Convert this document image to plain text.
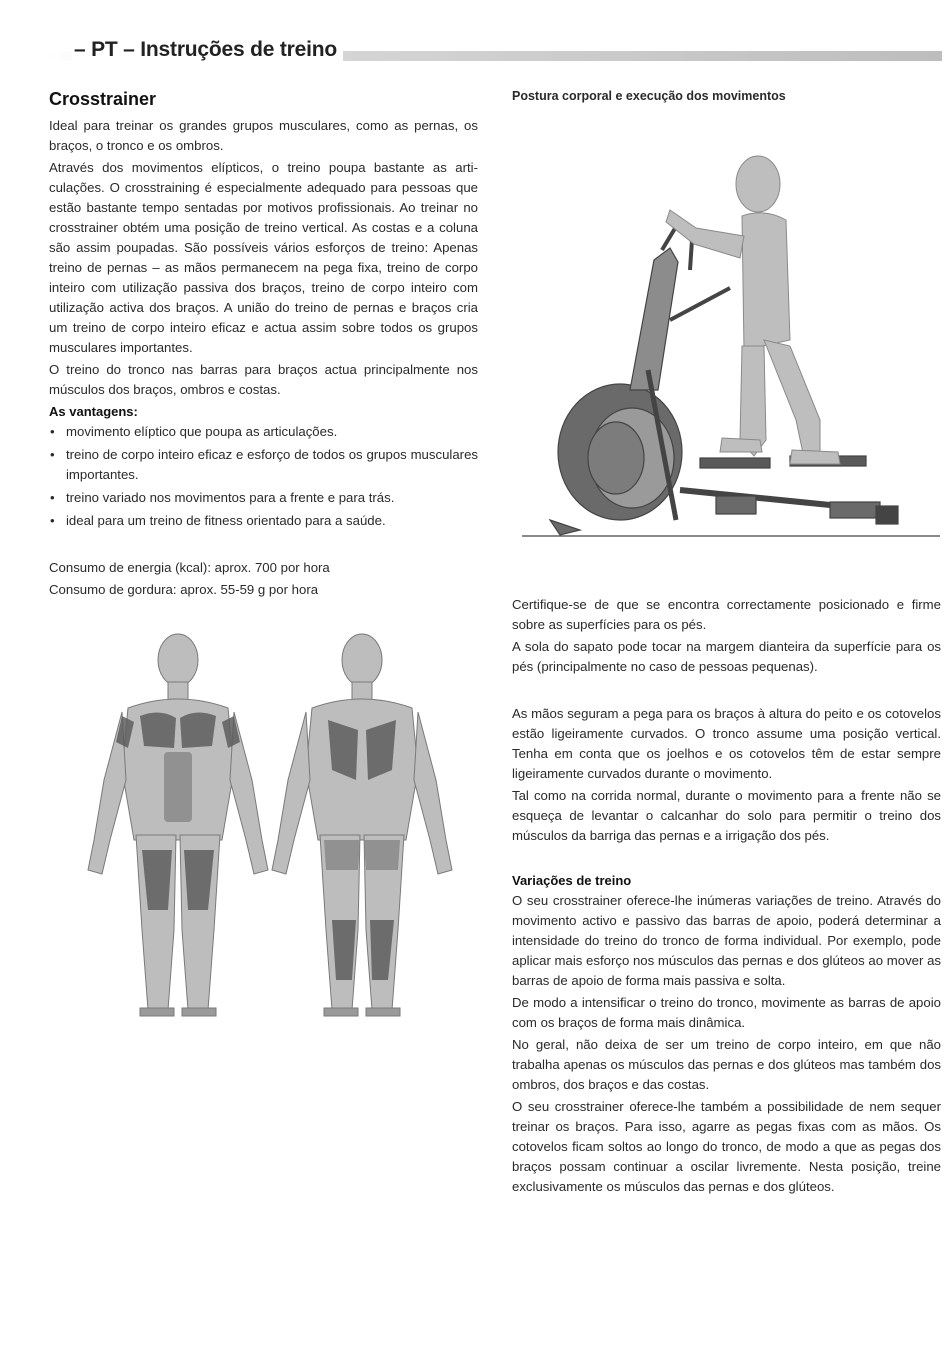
– PT – Instruções de treino
Crosstrainer

Ideal para treinar os grandes grupos musculares, como as pernas, os braços, o tronco e os ombros.

Através dos movimentos elípticos, o treino poupa bastante as articulações. O crosstraining é especialmente adequado para pessoas que estão bastante tempo sentadas por motivos profissionais. Ao treinar no crosstrainer obtém uma posição de treino vertical. As costas e a coluna são assim poupadas. São possíveis vários esforços de treino: Apenas treino de pernas – as mãos permanecem na pega fixa, treino de corpo inteiro com utilização passiva dos braços, treino de corpo inteiro com utilização activa dos braços. A união do treino de pernas e braços cria um treino de corpo inteiro eficaz e actua assim sobre todos os grupos musculares importantes.

O treino do tronco nas barras para braços actua principalmente nos músculos dos braços, ombros e costas.

As vantagens:
• movimento elíptico que poupa as articulações.
• treino de corpo inteiro eficaz e esforço de todos os grupos musculares importantes.
• treino variado nos movimentos para a frente e para trás.
• ideal para um treino de fitness orientado para a saúde.

Consumo de energia (kcal): aprox. 700 por hora

Consumo de gordura: aprox. 55-59 g por hora

Postura corporal e execução dos movimentos

Certifique-se de que se encontra correctamente posicionado e firme sobre as superfícies para os pés.

A sola do sapato pode tocar na margem dianteira da superfície para os pés (principalmente no caso de pessoas pequenas).

As mãos seguram a pega para os braços à altura do peito e os cotovelos estão ligeiramente curvados. O tronco assume uma posição vertical. Tenha em conta que os joelhos e os cotovelos têm de estar sempre ligeiramente curvados durante o movimento.

Tal como na corrida normal, durante o movimento para a frente não se esqueça de levantar o calcanhar do solo para permitir o treino dos músculos da barriga das pernas e a irrigação dos pés.

Variações de treino

O seu crosstrainer oferece-lhe inúmeras variações de treino. Através do movimento activo e passivo das barras de apoio, poderá determinar a intensidade do treino do tronco de forma individual. Por exemplo, pode aplicar mais esforço nos músculos das pernas e dos glúteos ao mover as barras de apoio de forma mais passiva e solta.

De modo a intensificar o treino do tronco, movimente as barras de apoio com os braços de forma mais dinâmica.

No geral, não deixa de ser um treino de corpo inteiro, em que não trabalha apenas os músculos das pernas e dos glúteos mas também dos ombros, dos braços e das costas.

O seu crosstrainer oferece-lhe também a possibilidade de nem sequer treinar os braços. Para isso, agarre as pegas fixas com as mãos. Os cotovelos ficam soltos ao longo do tronco, de modo a que as pegas dos braços possam continuar a oscilar livremente. Nesta posição, treine exclusivamente os músculos das pernas e dos glúteos.
